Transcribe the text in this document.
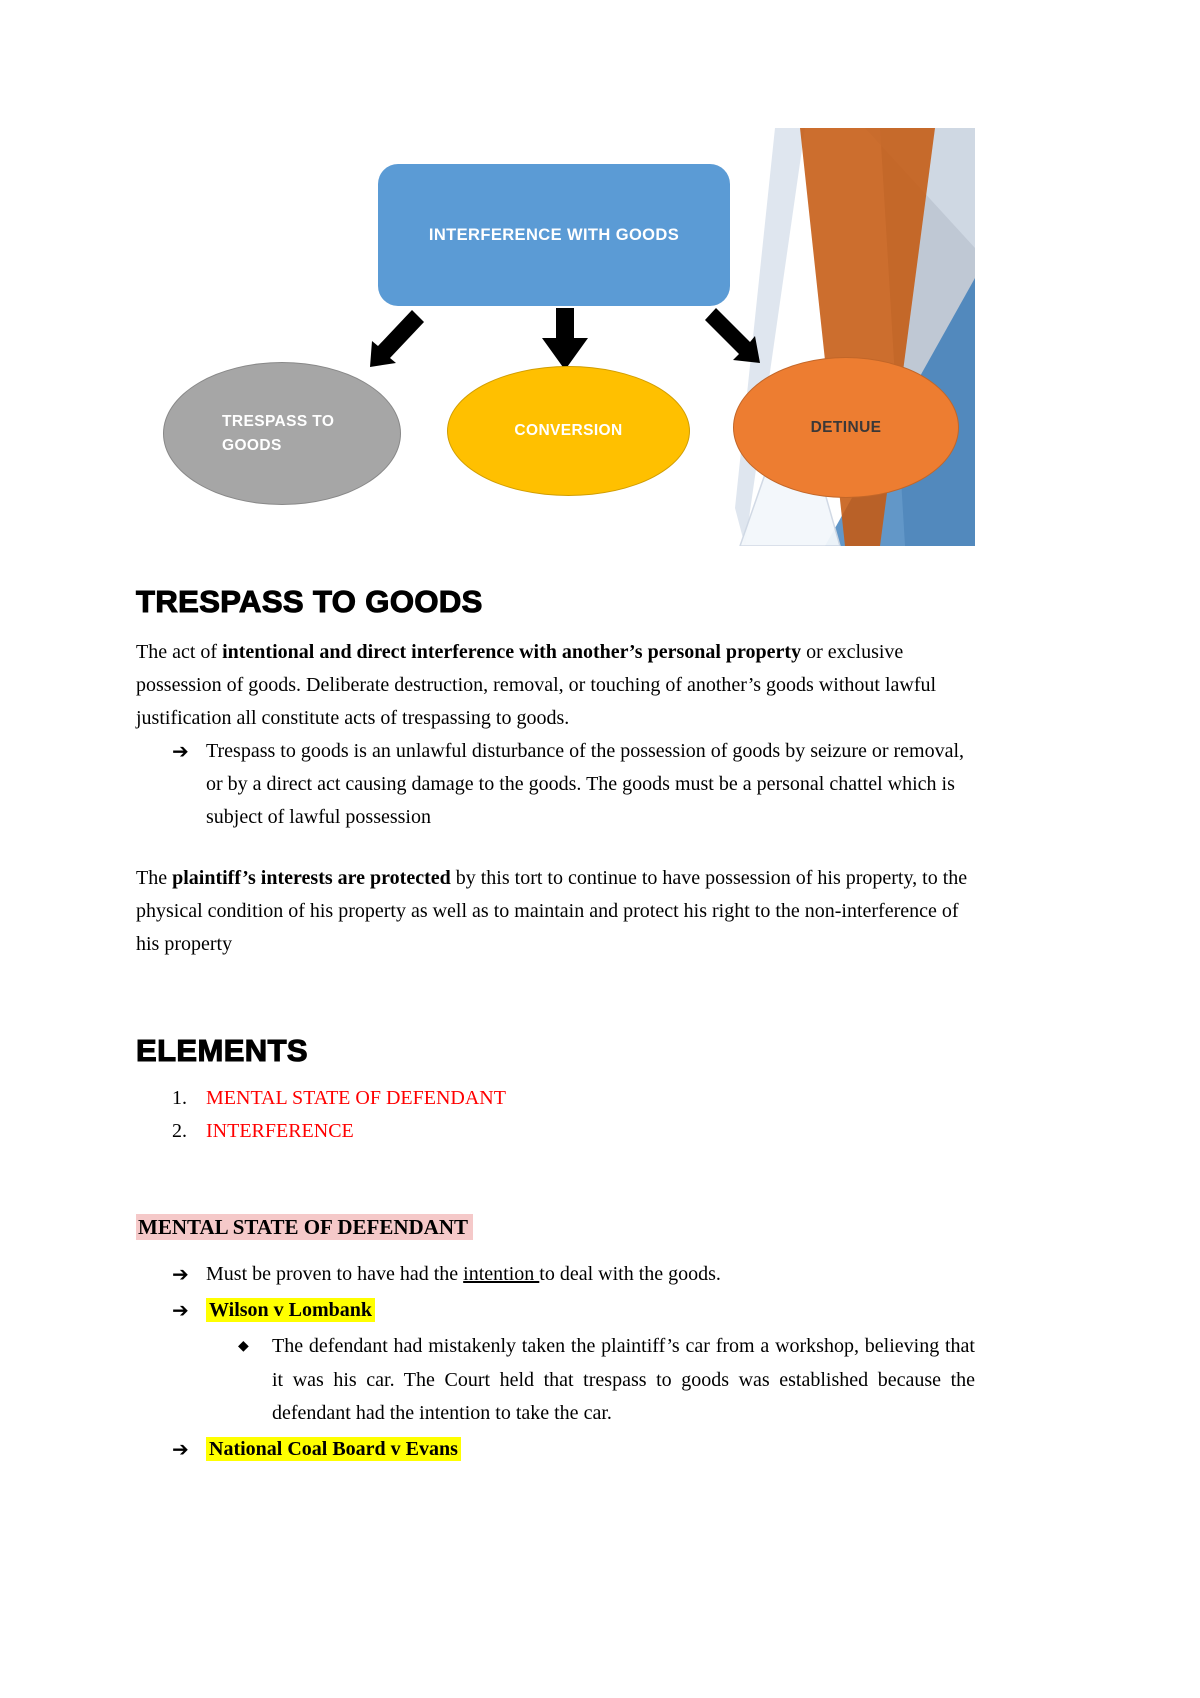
INTERFERENCE WITH GOODS
TRESPASS TO GOODS
CONVERSION	DETINUE
TRESPASS TO GOODS

The act of intentional and direct interference with another’s personal property or exclusive possession of goods. Deliberate destruction, removal, or touching of another’s goods without lawful justification all constitute acts of trespassing to goods.

➔ Trespass to goods is an unlawful disturbance of the possession of goods by seizure or removal, or by a direct act causing damage to the goods. The goods must be a personal chattel which is subject of lawful possession

The plaintiff’s interests are protected by this tort to continue to have possession of his property, to the physical condition of his property as well as to maintain and protect his right to the non-interference of his property

ELEMENTS
1. MENTAL STATE OF DEFENDANT
2. INTERFERENCE
MENTAL STATE OF DEFENDANT
➔ Must be proven to have had the intention to deal with the goods.
➔	Wilson v Lombank
◆	The defendant had mistakenly taken the plaintiff’s car from a workshop, believing that it was his car. The Court held that trespass to goods was established because the defendant had the intention to take the car.
➔	National Coal Board v Evans
